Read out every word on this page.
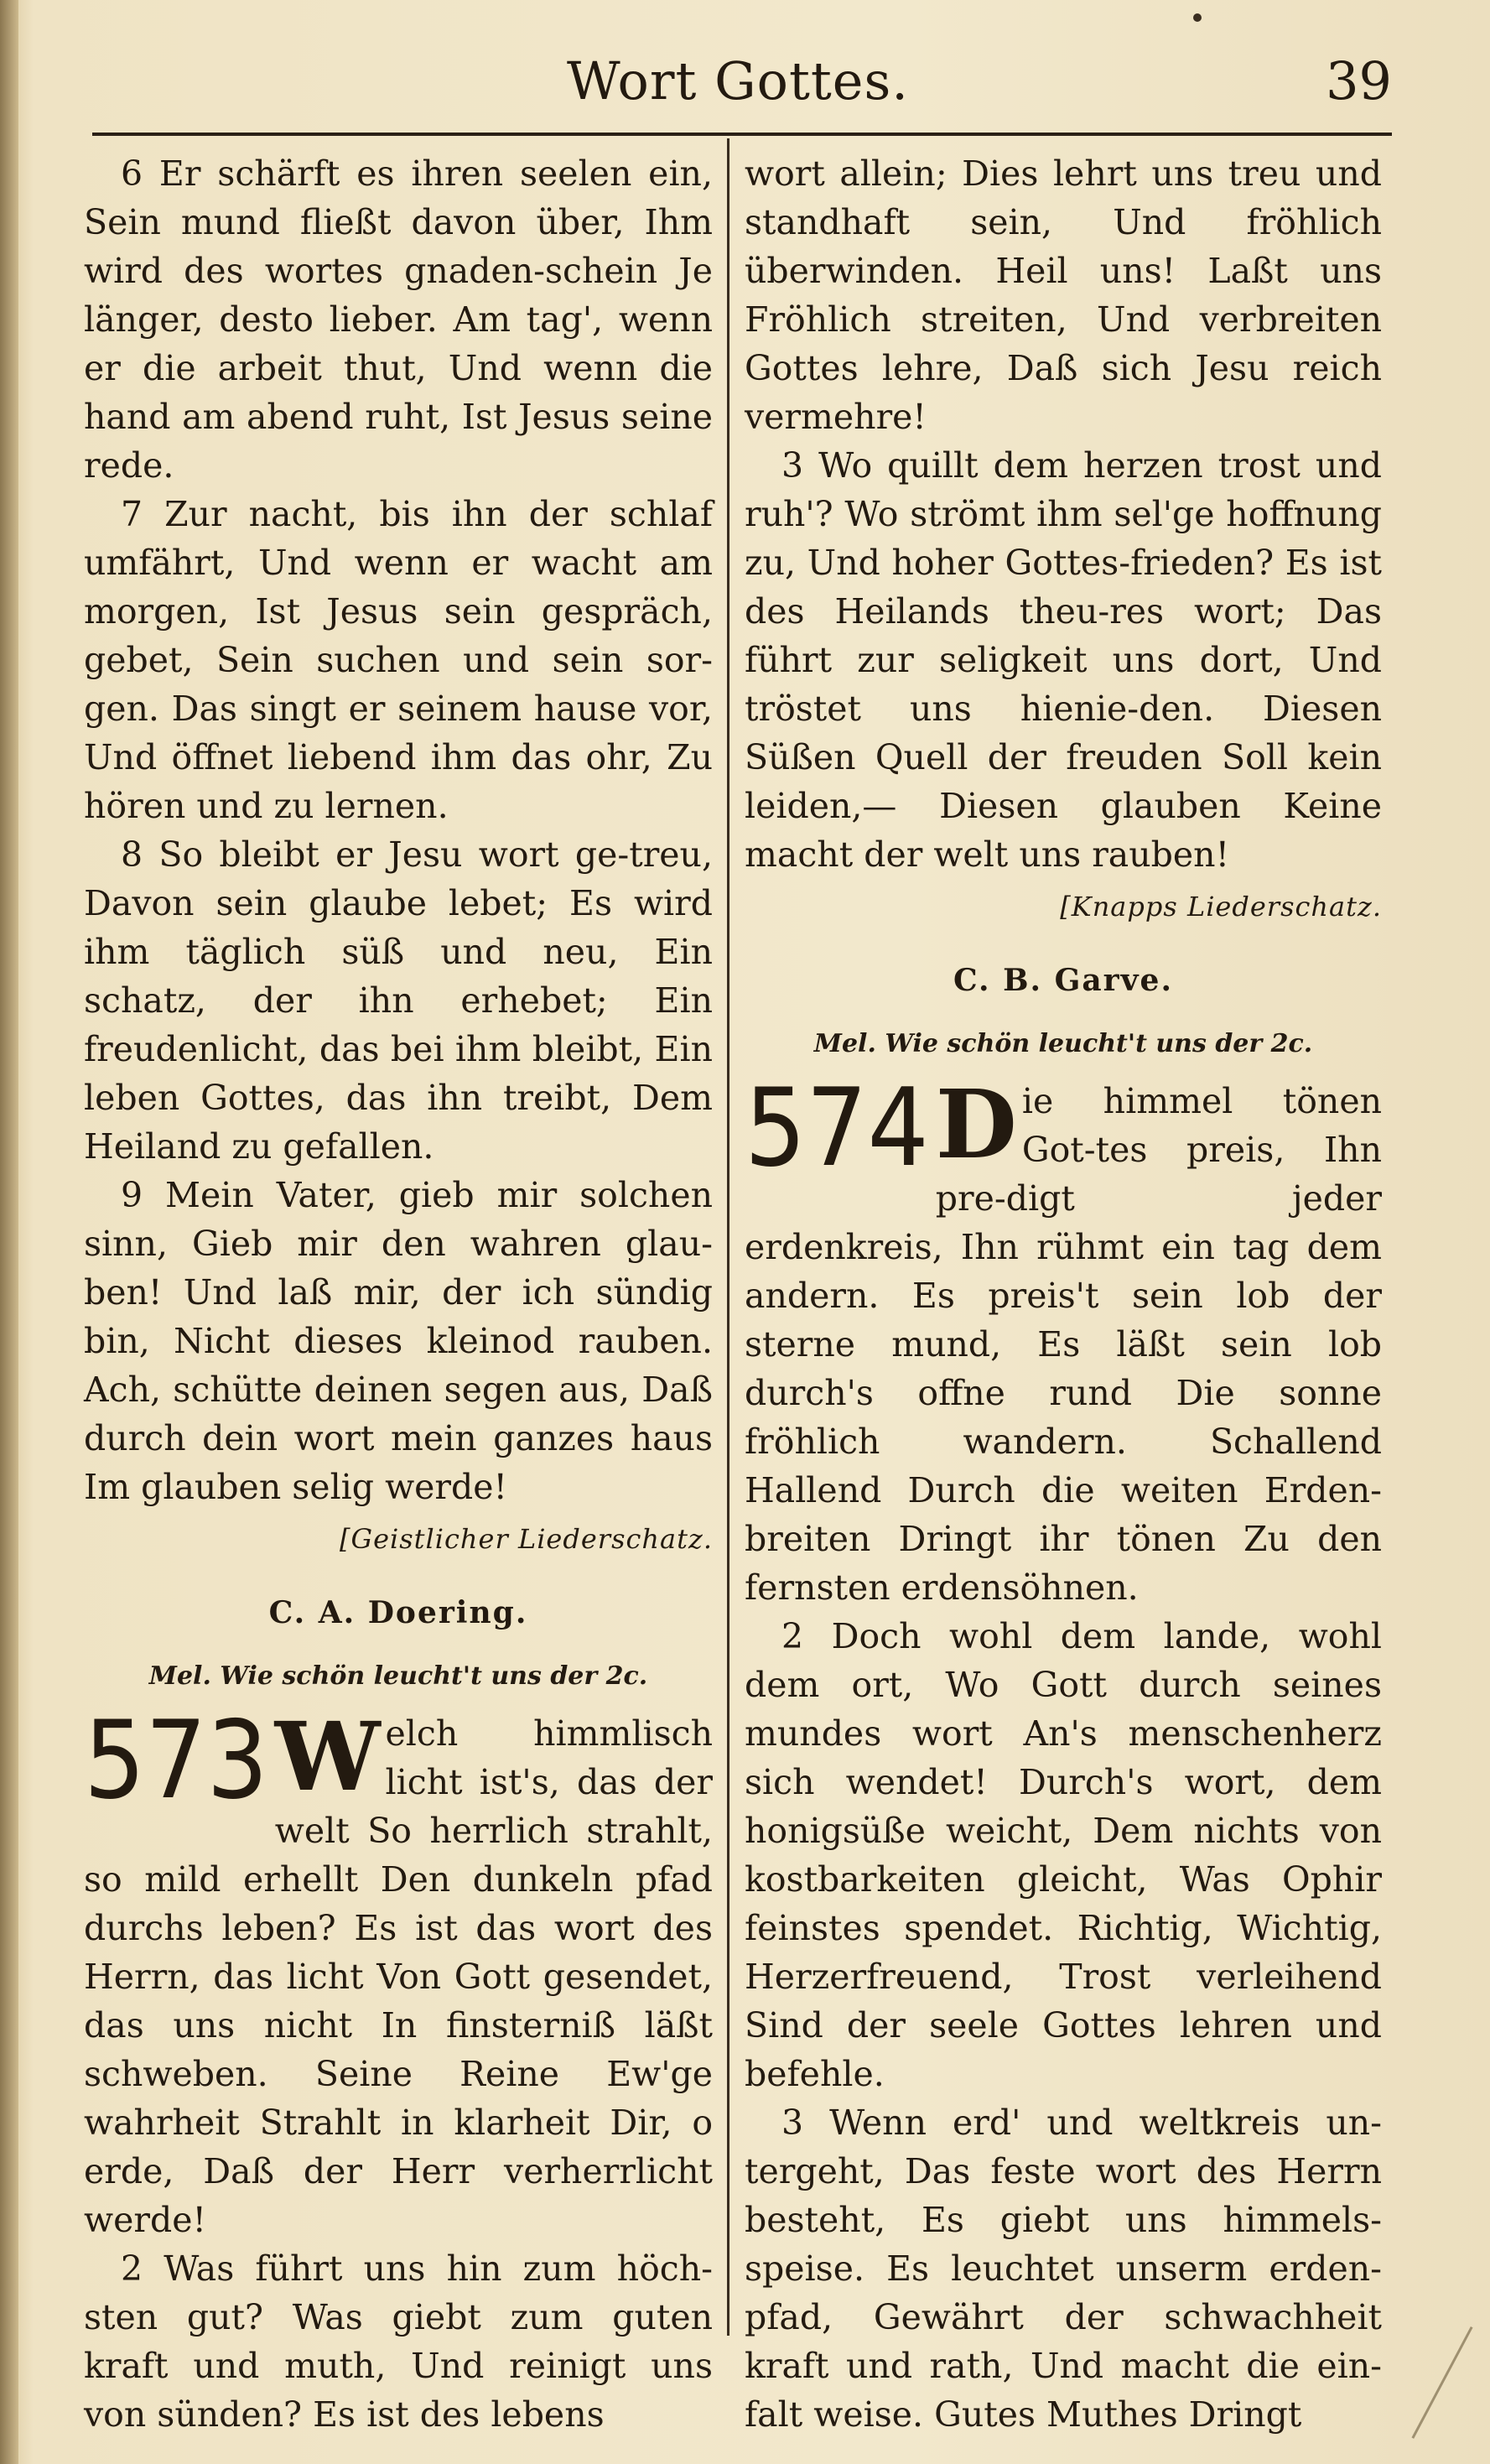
Wort Gottes.	39

6 Er schärft es ihren seelen ein, Sein mund fließt davon über, Ihm wird des wortes gnaden-schein Je länger, desto lieber. Am tag', wenn er die arbeit thut, Und wenn die hand am abend ruht, Ist Jesus seine rede.

7 Zur nacht, bis ihn der schlaf umfährt, Und wenn er wacht am morgen, Ist Jesus sein gespräch, gebet, Sein suchen und sein sor-gen. Das singt er seinem hause vor, Und öffnet liebend ihm das ohr, Zu hören und zu lernen.

8 So bleibt er Jesu wort ge-treu, Davon sein glaube lebet; Es wird ihm täglich süß und neu, Ein schatz, der ihn erhebet; Ein freudenlicht, das bei ihm bleibt, Ein leben Gottes, das ihn treibt, Dem Heiland zu gefallen.

9 Mein Vater, gieb mir solchen sinn, Gieb mir den wahren glau-ben! Und laß mir, der ich sündig bin, Nicht dieses kleinod rauben. Ach, schütte deinen segen aus, Daß durch dein wort mein ganzes haus Im glauben selig werde!

[Geistlicher Liederschatz.
C. A. Doering.
Mel. Wie schön leucht't uns der 2c.

573 W elch himmlisch licht ist's, das der welt So herrlich strahlt, so mild erhellt Den dunkeln pfad durchs leben? Es ist das wort des Herrn, das licht Von Gott gesendet, das uns nicht In finsterniß läßt schweben. Seine Reine Ew'ge wahrheit Strahlt in klarheit Dir, o erde, Daß der Herr verherrlicht werde!

2 Was führt uns hin zum höch-sten gut? Was giebt zum guten kraft und muth, Und reinigt uns von sünden? Es ist des lebens

wort allein; Dies lehrt uns treu und standhaft sein, Und fröhlich überwinden. Heil uns! Laßt uns Fröhlich streiten, Und verbreiten Gottes lehre, Daß sich Jesu reich vermehre!

3 Wo quillt dem herzen trost und ruh'? Wo strömt ihm sel'ge hoffnung zu, Und hoher Gottes-frieden? Es ist des Heilands theu-res wort; Das führt zur seligkeit uns dort, Und tröstet uns hienie-den. Diesen Süßen Quell der freuden Soll kein leiden,— Diesen glauben Keine macht der welt uns rauben!

[Knapps Liederschatz.
C. B. Garve.
Mel. Wie schön leucht't uns der 2c.

574 D ie himmel tönen Got-tes preis, Ihn pre-digt jeder erdenkreis, Ihn rühmt ein tag dem andern. Es preis't sein lob der sterne mund, Es läßt sein lob durch's offne rund Die sonne fröhlich wandern. Schallend Hallend Durch die weiten Erden-breiten Dringt ihr tönen Zu den fernsten erdensöhnen.

2 Doch wohl dem lande, wohl dem ort, Wo Gott durch seines mundes wort An's menschenherz sich wendet! Durch's wort, dem honigsüße weicht, Dem nichts von kostbarkeiten gleicht, Was Ophir feinstes spendet. Richtig, Wichtig, Herzerfreuend, Trost verleihend Sind der seele Gottes lehren und befehle.

3 Wenn erd' und weltkreis un-tergeht, Das feste wort des Herrn besteht, Es giebt uns himmels-speise. Es leuchtet unserm erden-pfad, Gewährt der schwachheit kraft und rath, Und macht die ein-falt weise. Gutes Muthes Dringt
